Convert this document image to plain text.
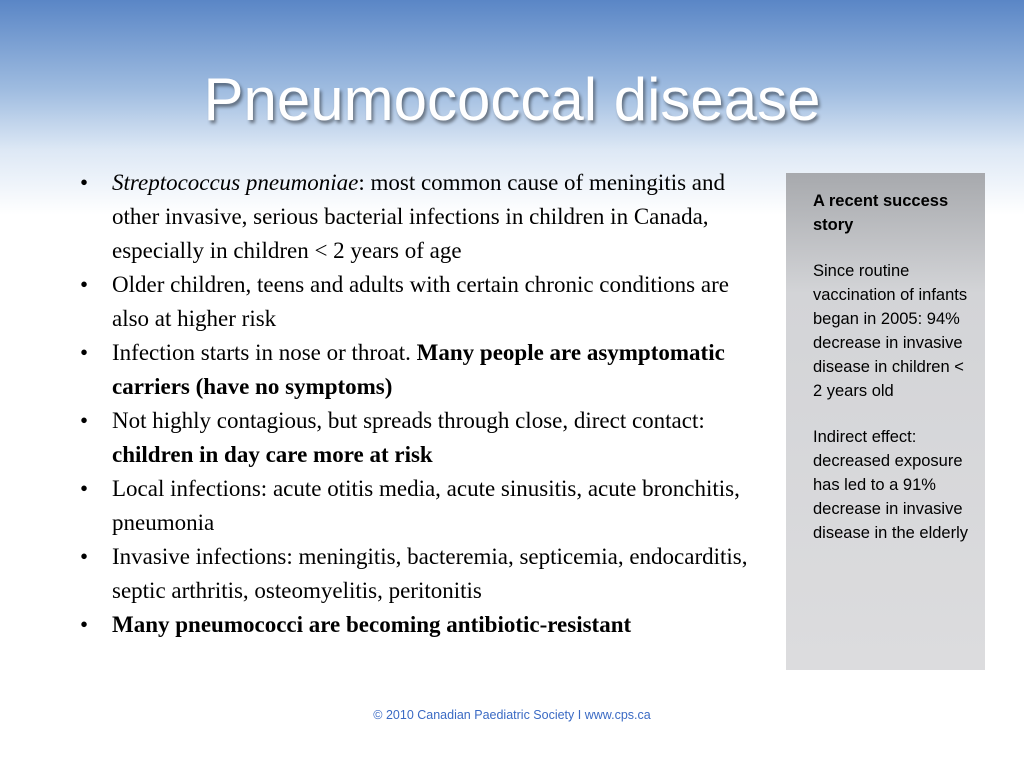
Pneumococcal disease
• Streptococcus pneumoniae: most common cause of meningitis and other invasive, serious bacterial infections in children in Canada, especially in children < 2 years of age
• Older children, teens and adults with certain chronic conditions are also at higher risk
• Infection starts in nose or throat. Many people are asymptomatic carriers (have no symptoms)
• Not highly contagious, but spreads through close, direct contact: children in day care more at risk
• Local infections: acute otitis media, acute sinusitis, acute bronchitis, pneumonia
• Invasive infections: meningitis, bacteremia, septicemia, endocarditis, septic arthritis, osteomyelitis, peritonitis
• Many pneumococci are becoming antibiotic-resistant

A recent success story

Since routine vaccination of infants began in 2005: 94% decrease in invasive disease in children < 2 years old

Indirect effect: decreased exposure has led to a 91% decrease in invasive disease in the elderly

© 2010 Canadian Paediatric Society I www.cps.ca
